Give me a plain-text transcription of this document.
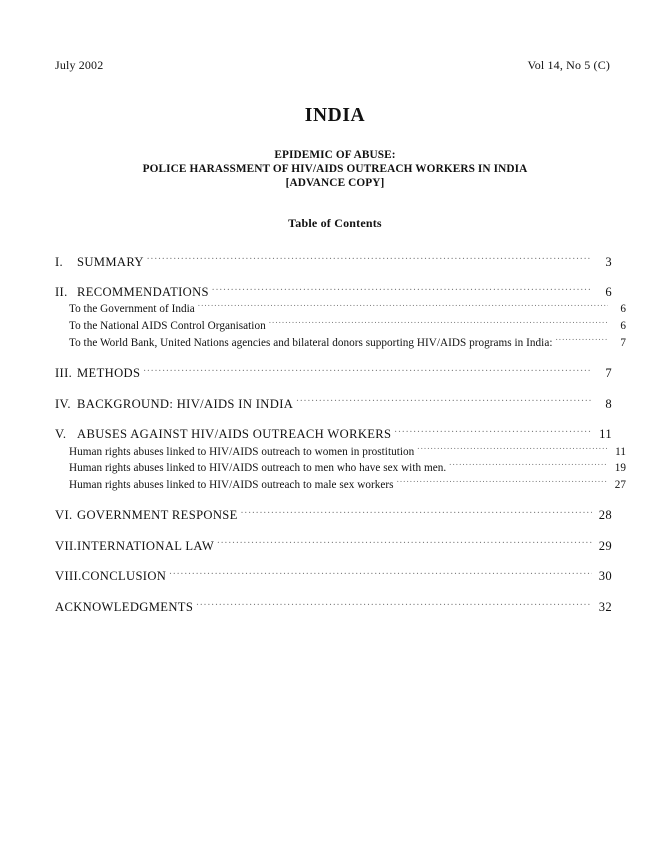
July 2002	Vol 14, No 5 (C)
INDIA
EPIDEMIC OF ABUSE:
POLICE HARASSMENT OF HIV/AIDS OUTREACH WORKERS IN INDIA
[ADVANCE COPY]
Table of Contents
I. SUMMARY . . .	3
II. RECOMMENDATIONS . . .	6
To the Government of India . . .	6
To the National AIDS Control Organisation . . .	6
To the World Bank, United Nations agencies and bilateral donors supporting HIV/AIDS programs in India: . . .	7
III. METHODS . . .	7
IV. BACKGROUND: HIV/AIDS IN INDIA . . .	8
V. ABUSES AGAINST HIV/AIDS OUTREACH WORKERS . . .	11
Human rights abuses linked to HIV/AIDS outreach to women in prostitution . . .	11
Human rights abuses linked to HIV/AIDS outreach to men who have sex with men. . . .	19
Human rights abuses linked to HIV/AIDS outreach to male sex workers . . .	27
VI. GOVERNMENT RESPONSE . . .	28
VII.INTERNATIONAL LAW . . .	29
VIII.CONCLUSION . . .	30
ACKNOWLEDGMENTS . . .	32
